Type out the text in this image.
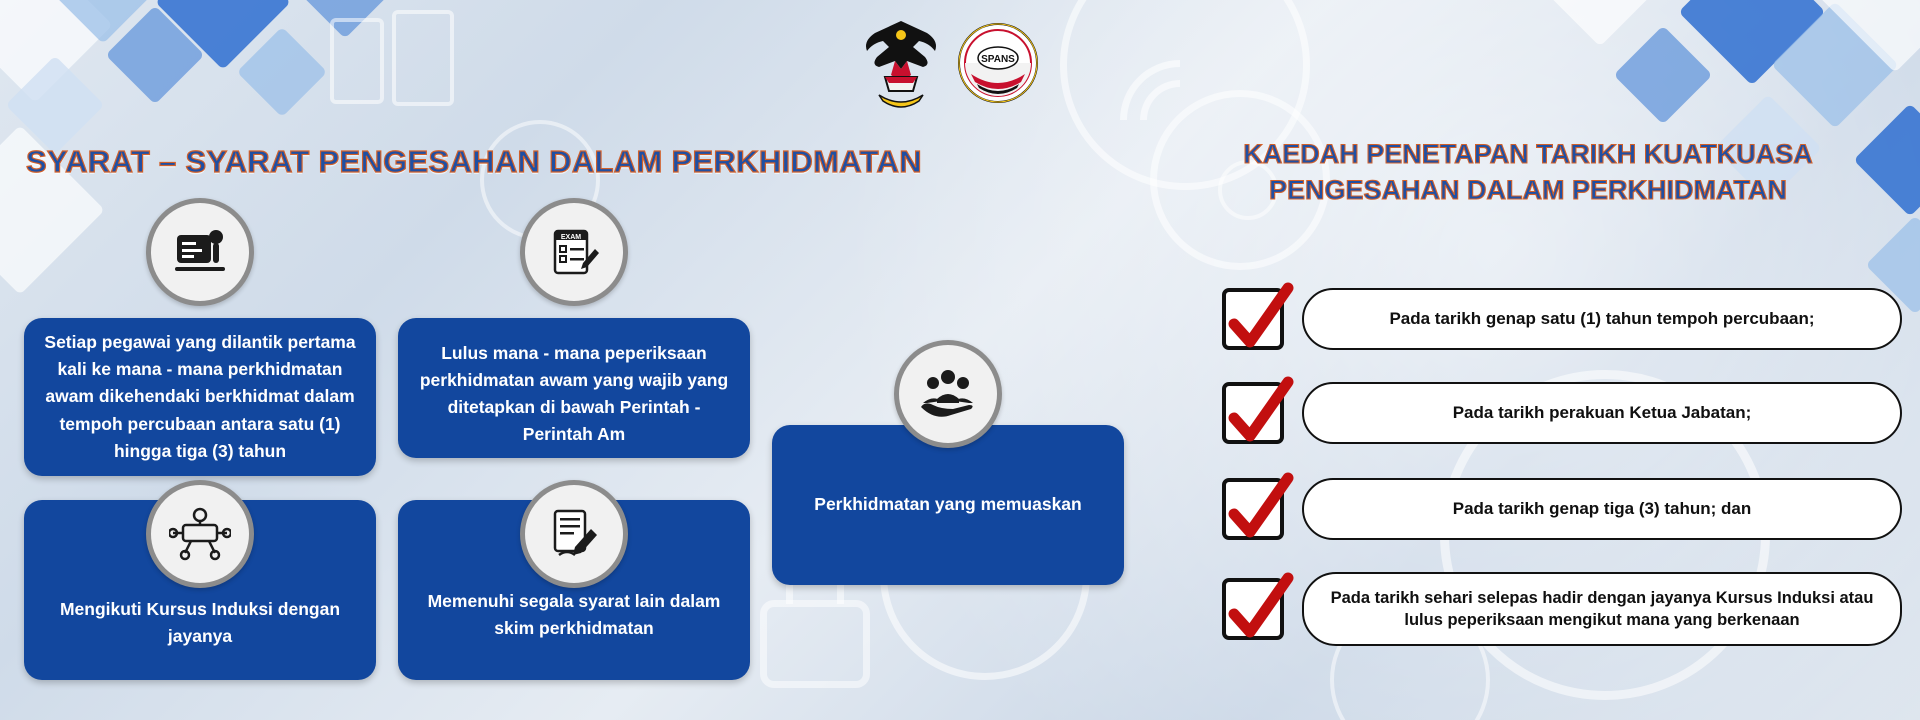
SPANS
SYARAT – SYARAT PENGESAHAN DALAM PERKHIDMATAN
Setiap pegawai yang dilantik pertama kali ke mana - mana perkhidmatan awam dikehendaki berkhidmat dalam tempoh percubaan antara satu (1) hingga tiga (3) tahun
Lulus mana - mana peperiksaan perkhidmatan awam yang wajib yang ditetapkan di bawah Perintah - Perintah Am
EXAM
Mengikuti Kursus Induksi dengan jayanya
Memenuhi segala syarat lain dalam skim perkhidmatan
Perkhidmatan yang memuaskan
KAEDAH PENETAPAN TARIKH KUATKUASA PENGESAHAN DALAM PERKHIDMATAN
Pada tarikh genap satu (1) tahun tempoh percubaan;
Pada tarikh perakuan Ketua Jabatan;
Pada tarikh genap tiga (3) tahun; dan
Pada tarikh sehari selepas hadir dengan jayanya Kursus Induksi atau lulus peperiksaan mengikut mana yang berkenaan
